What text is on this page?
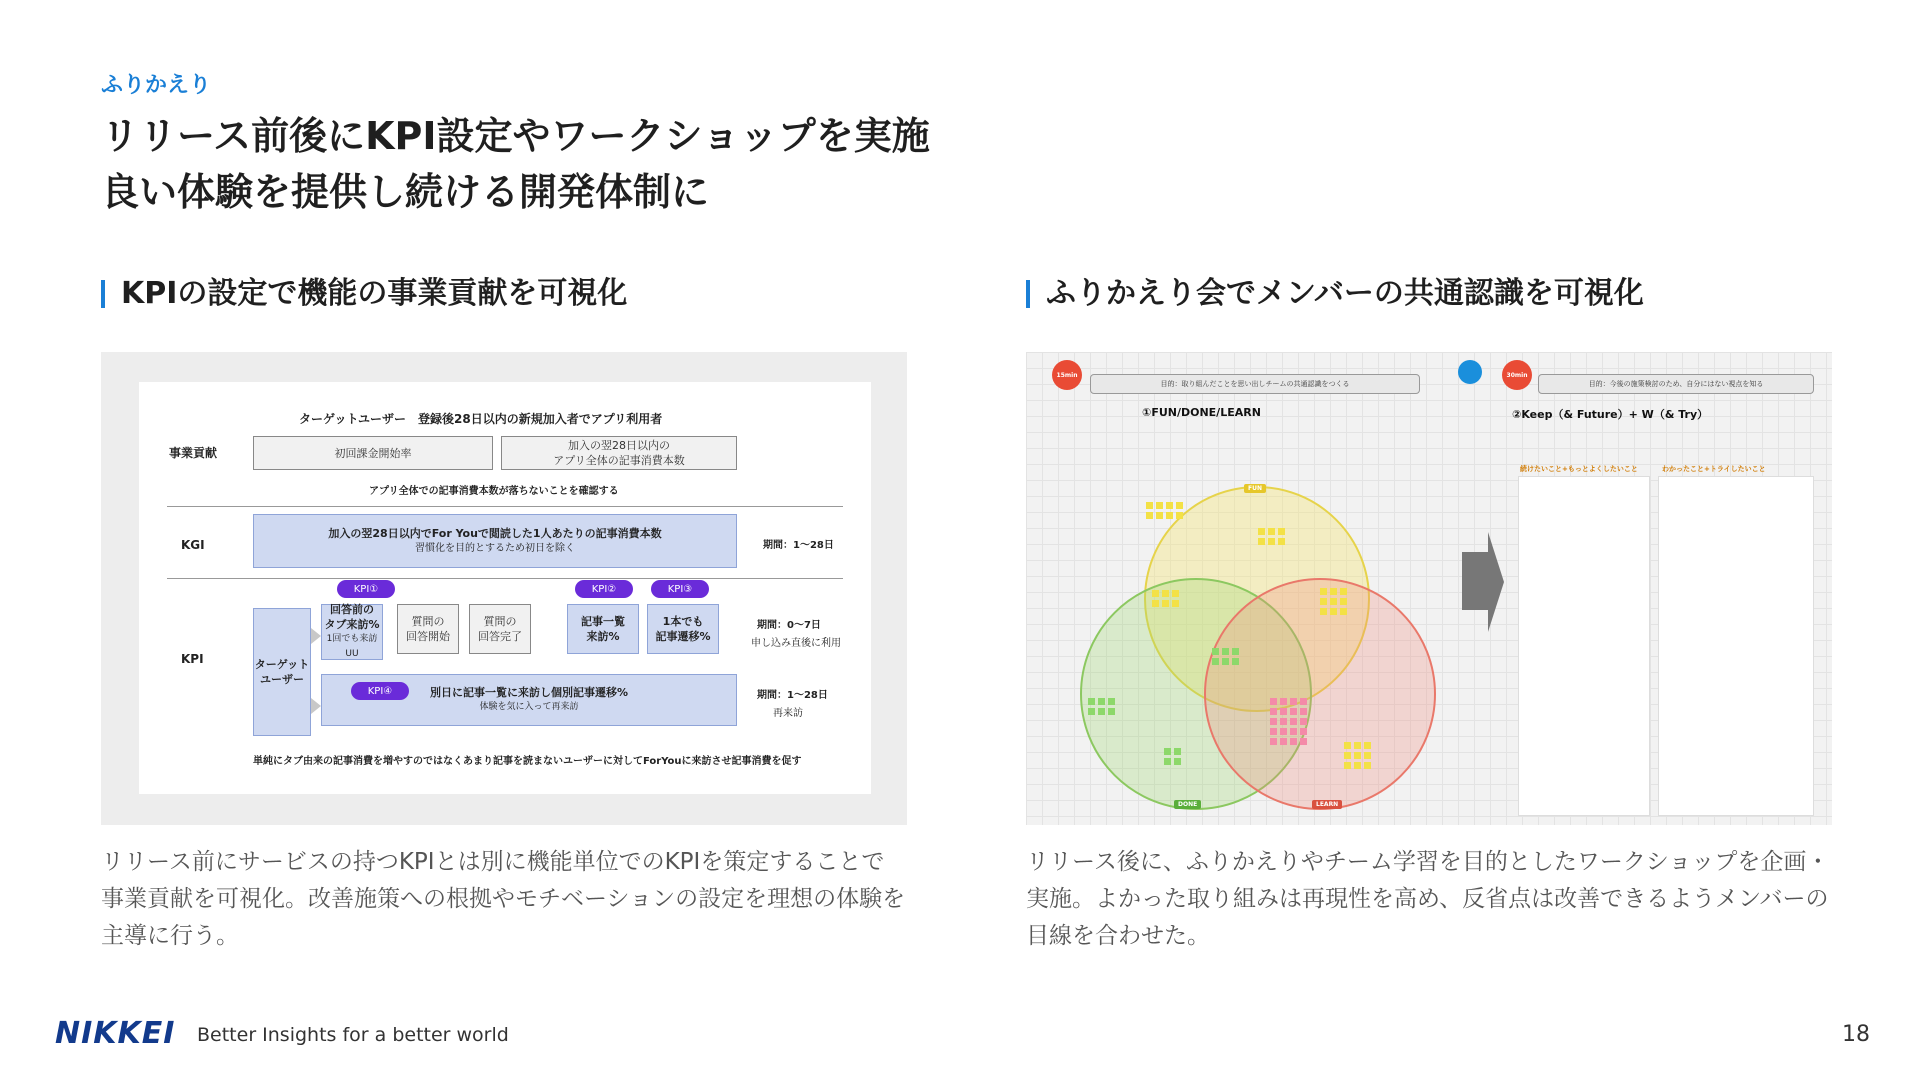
ふりかえり
リリース前後にKPI設定やワークショップを実施
良い体験を提供し続ける開発体制に
KPIの設定で機能の事業貢献を可視化	ふりかえり会でメンバーの共通認識を可視化
ターゲットユーザー　登録後28日以内の新規加入者でアプリ利用者
事業貢献	初回課金開始率
加入の翌28日以内の
アプリ全体の記事消費本数
アプリ全体での記事消費本数が落ちないことを確認する
KGI
加入の翌28日以内でFor Youで閲読した1人あたりの記事消費本数
習慣化を目的とするため初日を除く	期間：1〜28日
KPI
KPI①	KPI②	KPI③
ターゲット
ユーザー
回答前の
タブ来訪%
1回でも来訪UU
質問の
回答開始
質問の
回答完了
記事一覧
来訪%
1本でも
記事遷移%
期間：0〜7日
申し込み直後に利用
別日に記事一覧に来訪し個別記事遷移%
体験を気に入って再来訪
KPI④	期間：1〜28日
再来訪
単純にタブ由来の記事消費を増やすのではなくあまり記事を読まないユーザーに対してForYouに来訪させ記事消費を促す
15min
目的：取り組んだことを思い出しチームの共通認識をつくる
30min
目的：今後の施策検討のため、自分にはない視点を知る
①FUN/DONE/LEARN	②Keep（& Future）+ W（& Try）
FUN
DONE	LEARN
続けたいこと+もっとよくしたいこと	わかったこと+トライしたいこと
リリース前にサービスの持つKPIとは別に機能単位でのKPIを策定することで事業貢献を可視化。改善施策への根拠やモチベーションの設定を理想の体験を主導に行う。
リリース後に、ふりかえりやチーム学習を目的としたワークショップを企画・実施。よかった取り組みは再現性を高め、反省点は改善できるようメンバーの目線を合わせた。
NIKKEI Better Insights for a better world	18
